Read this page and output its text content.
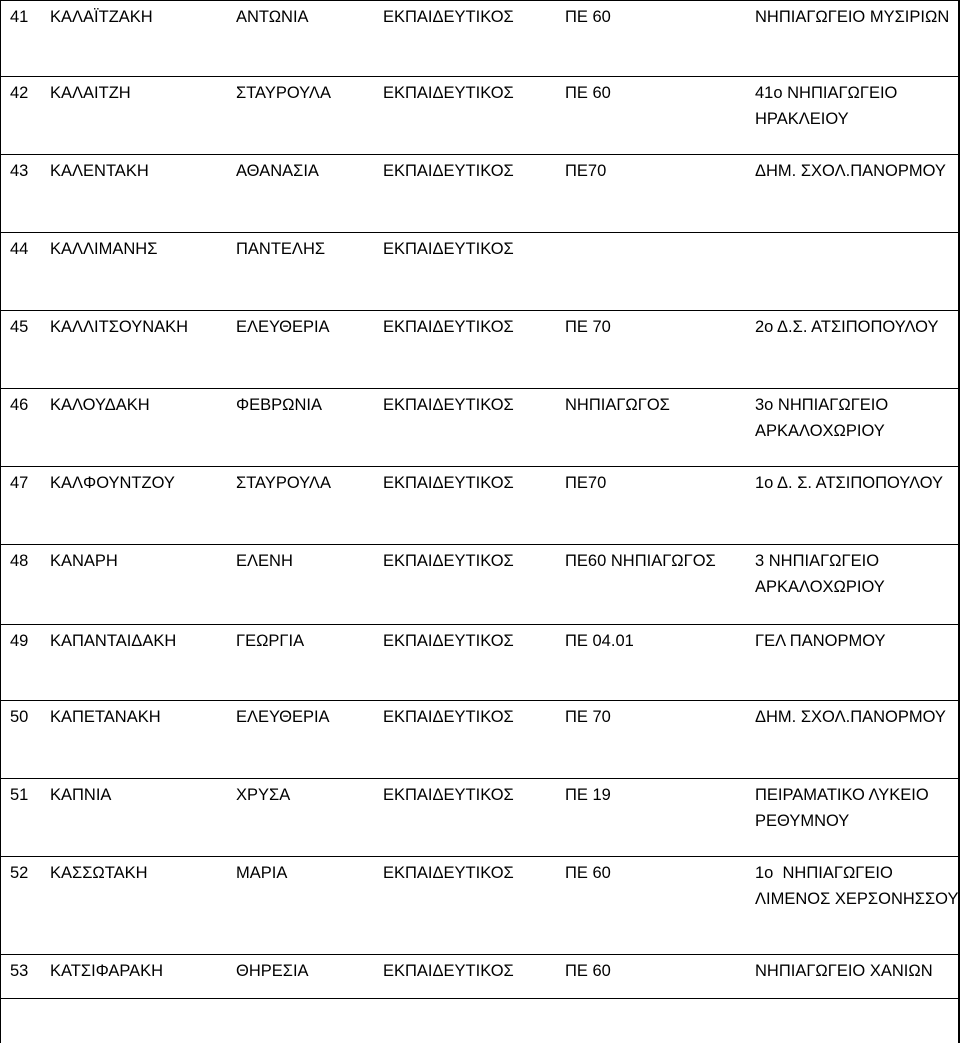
41	ΚΑΛΑΪΤΖΑΚΗ	ΑΝΤΩΝΙΑ	ΕΚΠΑΙΔΕΥΤΙΚΟΣ	ΠΕ 60	ΝΗΠΙΑΓΩΓΕΙΟ ΜΥΣΙΡΙΩΝ
42	ΚΑΛΑΙΤΖΗ	ΣΤΑΥΡΟΥΛΑ	ΕΚΠΑΙΔΕΥΤΙΚΟΣ	ΠΕ 60	41ο ΝΗΠΙΑΓΩΓΕΙΟ ΗΡΑΚΛΕΙΟΥ
43	ΚΑΛΕΝΤΑΚΗ	ΑΘΑΝΑΣΙΑ	ΕΚΠΑΙΔΕΥΤΙΚΟΣ	ΠΕ70	ΔΗΜ. ΣΧΟΛ.ΠΑΝΟΡΜΟΥ
44	ΚΑΛΛΙΜΑΝΗΣ	ΠΑΝΤΕΛΗΣ	ΕΚΠΑΙΔΕΥΤΙΚΟΣ		
45	ΚΑΛΛΙΤΣΟΥΝΑΚΗ	ΕΛΕΥΘΕΡΙΑ	ΕΚΠΑΙΔΕΥΤΙΚΟΣ	ΠΕ 70	2ο Δ.Σ. ΑΤΣΙΠΟΠΟΥΛΟΥ
46	ΚΑΛΟΥΔΑΚΗ	ΦΕΒΡΩΝΙΑ	ΕΚΠΑΙΔΕΥΤΙΚΟΣ	ΝΗΠΙΑΓΩΓΟΣ	3ο ΝΗΠΙΑΓΩΓΕΙΟ ΑΡΚΑΛΟΧΩΡΙΟΥ
47	ΚΑΛΦΟΥΝΤΖΟΥ	ΣΤΑΥΡΟΥΛΑ	ΕΚΠΑΙΔΕΥΤΙΚΟΣ	ΠΕ70	1ο Δ. Σ. ΑΤΣΙΠΟΠΟΥΛΟΥ
48	ΚΑΝΑΡΗ	ΕΛΕΝΗ	ΕΚΠΑΙΔΕΥΤΙΚΟΣ	ΠΕ60 ΝΗΠΙΑΓΩΓΟΣ	3 ΝΗΠΙΑΓΩΓΕΙΟ ΑΡΚΑΛΟΧΩΡΙΟΥ
49	ΚΑΠΑΝΤΑΙΔΑΚΗ	ΓΕΩΡΓΙΑ	ΕΚΠΑΙΔΕΥΤΙΚΟΣ	ΠΕ 04.01	ΓΕΛ ΠΑΝΟΡΜΟΥ
50	ΚΑΠΕΤΑΝΑΚΗ	ΕΛΕΥΘΕΡΙΑ	ΕΚΠΑΙΔΕΥΤΙΚΟΣ	ΠΕ 70	ΔΗΜ. ΣΧΟΛ.ΠΑΝΟΡΜΟΥ
51	ΚΑΠΝΙΑ	ΧΡΥΣΑ	ΕΚΠΑΙΔΕΥΤΙΚΟΣ	ΠΕ 19	ΠΕΙΡΑΜΑΤΙΚΟ ΛΥΚΕΙΟ ΡΕΘΥΜΝΟΥ
52	ΚΑΣΣΩΤΑΚΗ	ΜΑΡΙΑ	ΕΚΠΑΙΔΕΥΤΙΚΟΣ	ΠΕ 60	1ο  ΝΗΠΙΑΓΩΓΕΙΟ ΛΙΜΕΝΟΣ ΧΕΡΣΟΝΗΣΣΟΥ
53	ΚΑΤΣΙΦΑΡΑΚΗ	ΘΗΡΕΣΙΑ	ΕΚΠΑΙΔΕΥΤΙΚΟΣ	ΠΕ 60	ΝΗΠΙΑΓΩΓΕΙΟ ΧΑΝΙΩΝ
